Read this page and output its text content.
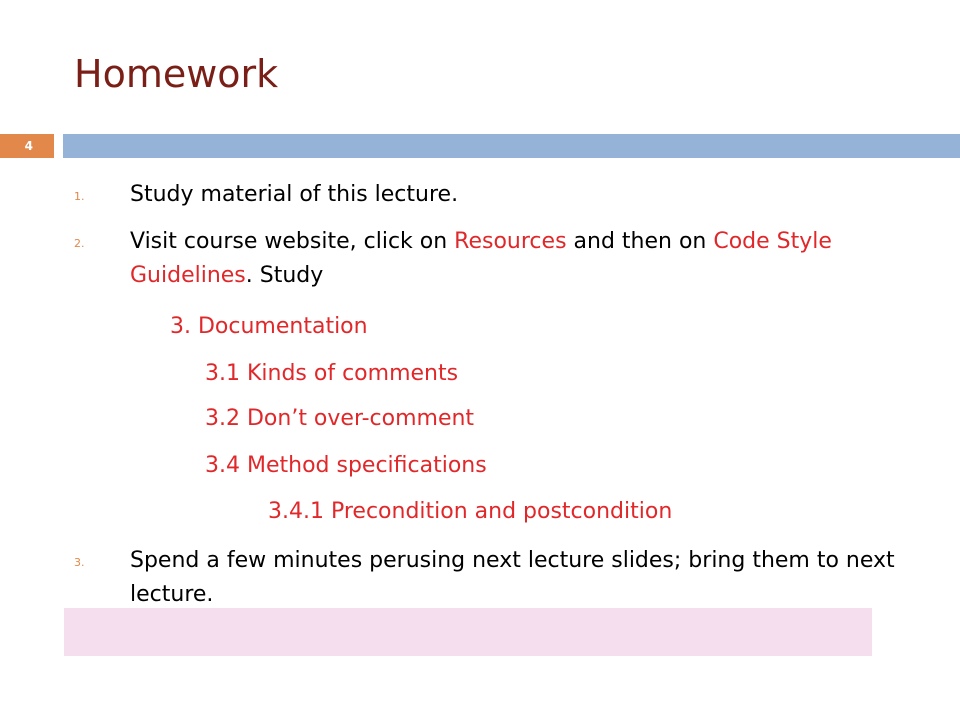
Homework
4
1. Study material of this lecture.
2. Visit course website, click on Resources and then on Code Style Guidelines. Study
3. Documentation
3.1 Kinds of comments
3.2 Don’t over-comment
3.4 Method specifications
3.4.1 Precondition and postcondition
3. Spend a few minutes perusing next lecture slides; bring them to next lecture.
